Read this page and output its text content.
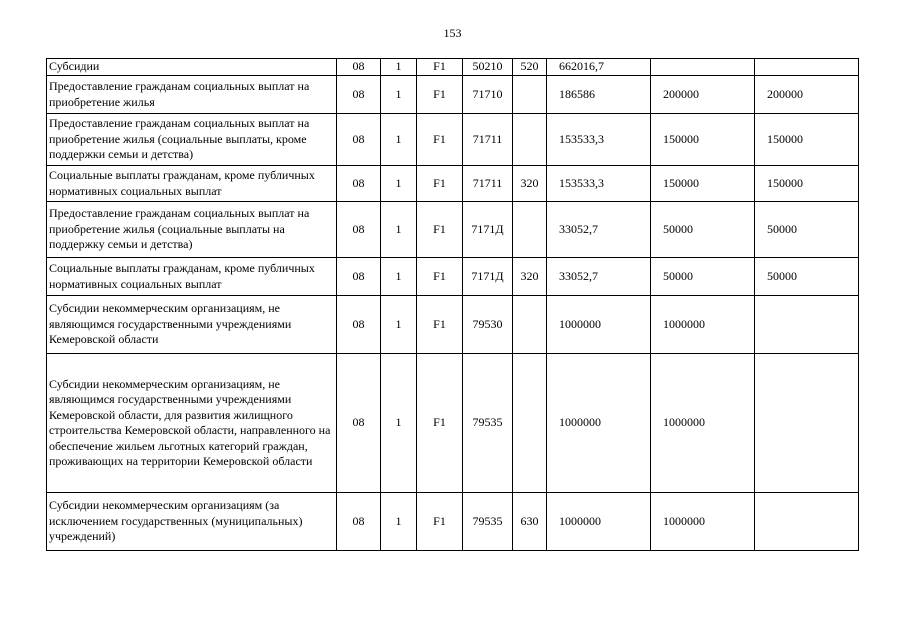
153
Субсидии	08	1	F1	50210	520	662016,7		
Предоставление гражданам социальных выплат на приобретение жилья	08	1	F1	71710		186586	200000	200000
Предоставление гражданам социальных выплат на приобретение жилья (социальные выплаты, кроме поддержки семьи и детства)	08	1	F1	71711		153533,3	150000	150000
Социальные выплаты гражданам, кроме публичных нормативных социальных выплат	08	1	F1	71711	320	153533,3	150000	150000
Предоставление гражданам социальных выплат на приобретение жилья (социальные выплаты на поддержку семьи и детства)	08	1	F1	7171Д		33052,7	50000	50000
Социальные выплаты гражданам, кроме публичных нормативных социальных выплат	08	1	F1	7171Д	320	33052,7	50000	50000
Субсидии некоммерческим организациям, не являющимся государственными учреждениями Кемеровской области	08	1	F1	79530		1000000	1000000	
Субсидии некоммерческим организациям, не являющимся государственными учреждениями Кемеровской области, для развития жилищного строительства Кемеровской области, направленного на обеспечение жильем льготных категорий граждан, проживающих на территории Кемеровской области	08	1	F1	79535		1000000	1000000	
Субсидии некоммерческим организациям (за исключением государственных (муниципальных) учреждений)	08	1	F1	79535	630	1000000	1000000	
